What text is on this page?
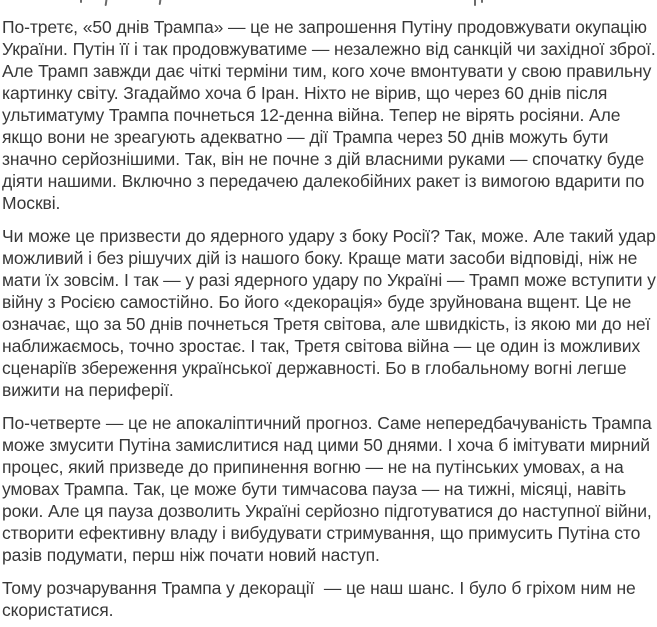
По-третє, «50 днів Трампа» — це не запрошення Путіну продовжувати окупацію
України. Путін її і так продовжуватиме — незалежно від санкцій чи західної зброї.
Але Трамп завжди дає чіткі терміни тим, кого хоче вмонтувати у свою правильну
картинку світу. Згадаймо хоча б Іран. Ніхто не вірив, що через 60 днів після
ультиматуму Трампа почнеться 12-денна війна. Тепер не вірять росіяни. Але
якщо вони не зреагують адекватно — дії Трампа через 50 днів можуть бути
значно серйознішими. Так, він не почне з дій власними руками — спочатку буде
діяти нашими. Включно з передачею далекобійних ракет із вимогою вдарити по
Москві.
Чи може це призвести до ядерного удару з боку Росії? Так, може. Але такий удар
можливий і без рішучих дій із нашого боку. Краще мати засоби відповіді, ніж не
мати їх зовсім. І так — у разі ядерного удару по Україні — Трамп може вступити у
війну з Росією самостійно. Бо його «декорація» буде зруйнована вщент. Це не
означає, що за 50 днів почнеться Третя світова, але швидкість, із якою ми до неї
наближаємось, точно зростає. І так, Третя світова війна — це один із можливих
сценаріїв збереження української державності. Бо в глобальному вогні легше
вижити на периферії.
По-четверте — це не апокаліптичний прогноз. Саме непередбачуваність Трампа
може змусити Путіна замислитися над цими 50 днями. І хоча б імітувати мирний
процес, який призведе до припинення вогню — не на путінських умовах, а на
умовах Трампа. Так, це може бути тимчасова пауза — на тижні, місяці, навіть
роки. Але ця пауза дозволить Україні серйозно підготуватися до наступної війни,
створити ефективну владу і вибудувати стримування, що примусить Путіна сто
разів подумати, перш ніж почати новий наступ.
Тому розчарування Трампа у декорації  — це наш шанс. І було б гріхом ним не
скористатися.
